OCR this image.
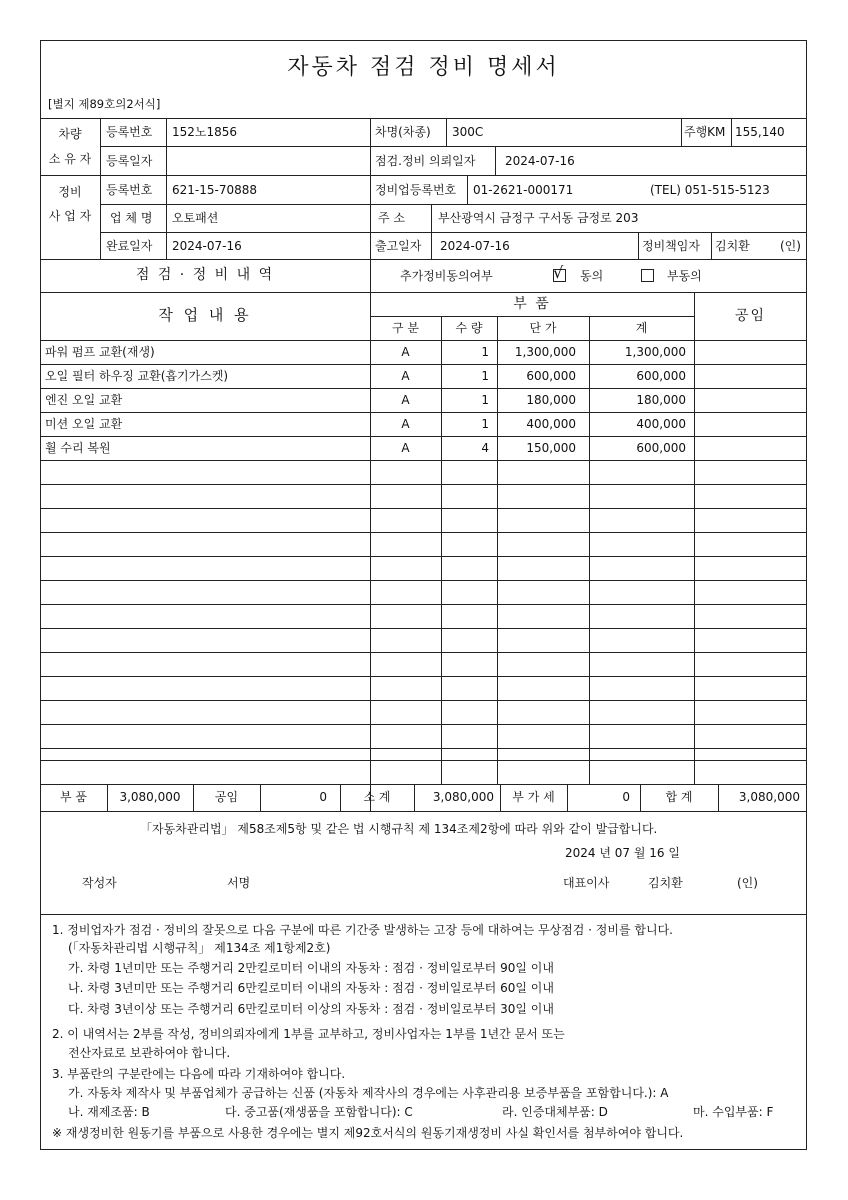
자동차 점검 정비 명세서
[별지 제89호의2서식]
차량
소 유 자
등록번호 152노1856	차명(차종) 300C	주행KM 155,140
등록일자	점검.정비 의뢰일자 2024-07-16
정비
사 업 자
등록번호 621-15-70888	정비업등록번호 01-2621-000171	(TEL) 051-515-5123
업 체 명 오토패션	주 소	부산광역시 금정구 구서동 금정로 203
완료일자 2024-07-16	출고일자 2024-07-16	정비책임자 김치환	(인)
점 검 · 정 비 내 역	추가정비동의여부	√ 동의	부동의
작 업 내 용
부 품
공임
구 분	수 량	단 가	계
파워 펌프 교환(재생)	A	1	1,300,000	1,300,000
오일 필터 하우징 교환(흡기가스켓)	A	1	600,000	600,000
엔진 오일 교환	A	1	180,000	180,000
미션 오일 교환	A	1	400,000	400,000
휠 수리 복원	A	4	150,000	600,000
부 품	3,080,000	공임	0	소 계	3,080,000	부 가 세	0	합 계	3,080,000
「자동차관리법」 제58조제5항 및 같은 법 시행규칙 제 134조제2항에 따라 위와 같이 발급합니다.
2024 년 07 월 16 일
작성자	서명	대표이사	김치환	(인)
1. 정비업자가 점검 · 정비의 잘못으로 다음 구분에 따른 기간중 발생하는 고장 등에 대하여는 무상점검 · 정비를 합니다.
(「자동차관리법 시행규칙」 제134조 제1항제2호)
가. 차령 1년미만 또는 주행거리 2만킬로미터 이내의 자동차 : 점검 · 정비일로부터 90일 이내
나. 차령 3년미만 또는 주행거리 6만킬로미터 이내의 자동차 : 점검 · 정비일로부터 60일 이내
다. 차령 3년이상 또는 주행거리 6만킬로미터 이상의 자동차 : 점검 · 정비일로부터 30일 이내
2. 이 내역서는 2부를 작성, 정비의뢰자에게 1부를 교부하고, 정비사업자는 1부를 1년간 문서 또는
전산자료로 보관하여야 합니다.
3. 부품란의 구분란에는 다음에 따라 기재하여야 합니다.
가. 자동차 제작사 및 부품업체가 공급하는 신품 (자동차 제작사의 경우에는 사후관리용 보증부품을 포함합니다.): A
나. 재제조품: B	다. 중고품(재생품을 포함합니다): C	라. 인증대체부품: D	마. 수입부품: F
※ 재생정비한 원동기를 부품으로 사용한 경우에는 별지 제92호서식의 원동기재생정비 사실 확인서를 첨부하여야 합니다.
